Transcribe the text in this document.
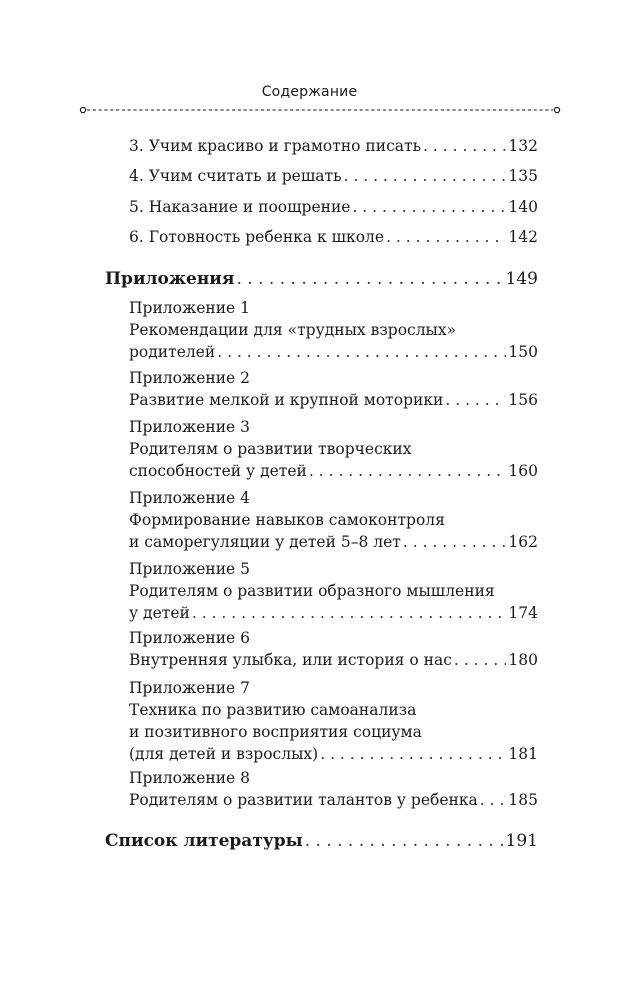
Содержание
3. Учим красиво и грамотно писать . . .	132
4. Учим считать и решать . . .	135
5. Наказание и поощрение . . .	140
6. Готовность ребенка к школе . . .	142
Приложения . . .	149
Приложение 1
Рекомендации для «трудных взрослых»
родителей . . .	150
Приложение 2
Развитие мелкой и крупной моторики . . .	156
Приложение 3
Родителям о развитии творческих
способностей у детей . . .	160
Приложение 4
Формирование навыков самоконтроля
и саморегуляции у детей 5–8 лет . . .	162
Приложение 5
Родителям о развитии образного мышления
у детей . . .	174
Приложение 6
Внутренняя улыбка, или история о нас . . .	180
Приложение 7
Техника по развитию самоанализа
и позитивного восприятия социума
(для детей и взрослых) . . .	181
Приложение 8
Родителям о развитии талантов у ребенка . . . 185
Список литературы . . .	191
